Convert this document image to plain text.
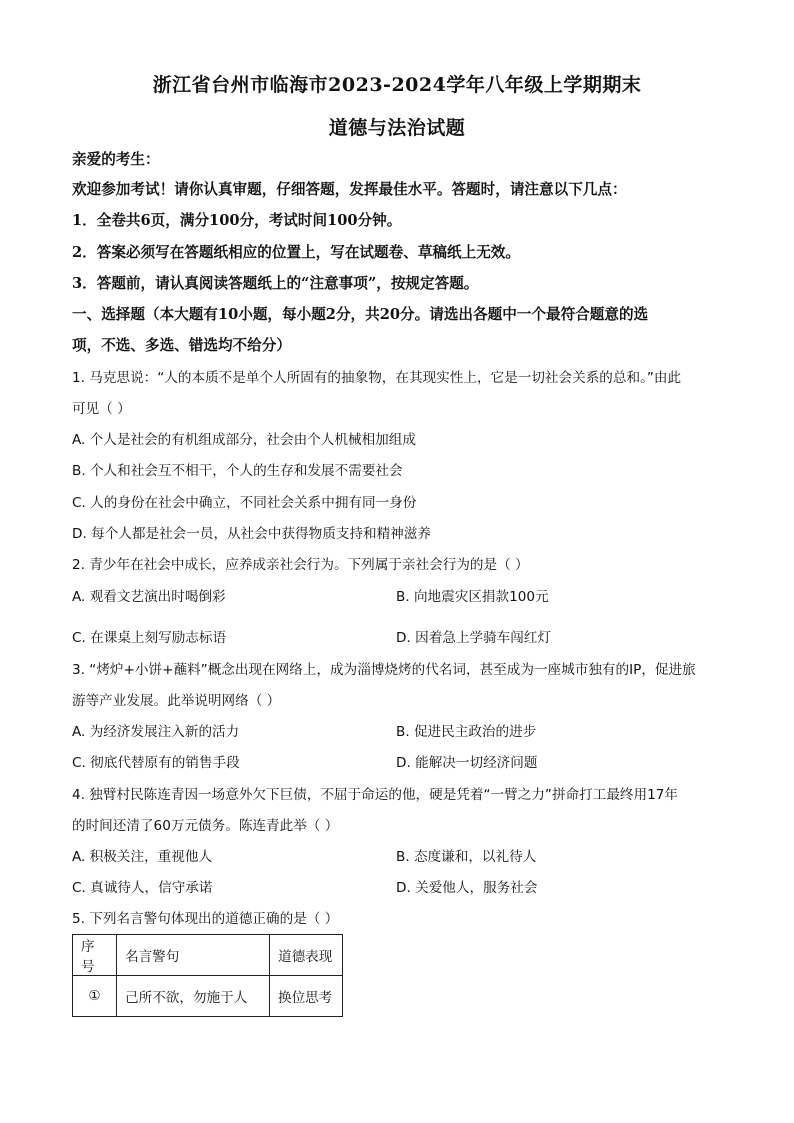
浙江省台州市临海市2023-2024学年八年级上学期期末
道德与法治试题
亲爱的考生：
欢迎参加考试！请你认真审题，仔细答题，发挥最佳水平。答题时，请注意以下几点：
1．全卷共6页，满分100分，考试时间100分钟。
2．答案必须写在答题纸相应的位置上，写在试题卷、草稿纸上无效。
3．答题前，请认真阅读答题纸上的“注意事项”，按规定答题。
一、选择题（本大题有10小题，每小题2分，共20分。请选出各题中一个最符合题意的选
项，不选、多选、错选均不给分）
1. 马克思说：“人的本质不是单个人所固有的抽象物，在其现实性上，它是一切社会关系的总和。”由此
可见（ ）
A. 个人是社会的有机组成部分，社会由个人机械相加组成
B. 个人和社会互不相干，个人的生存和发展不需要社会
C. 人的身份在社会中确立，不同社会关系中拥有同一身份
D. 每个人都是社会一员，从社会中获得物质支持和精神滋养
2. 青少年在社会中成长，应养成亲社会行为。下列属于亲社会行为的是（ ）
A. 观看文艺演出时喝倒彩	B. 向地震灾区捐款100元
C. 在课桌上刻写励志标语	D. 因着急上学骑车闯红灯
3. “烤炉+小饼+蘸料”概念出现在网络上，成为淄博烧烤的代名词，甚至成为一座城市独有的IP，促进旅
游等产业发展。此举说明网络（ ）
A. 为经济发展注入新的活力	B. 促进民主政治的进步
C. 彻底代替原有的销售手段	D. 能解决一切经济问题
4. 独臂村民陈连青因一场意外欠下巨债，不屈于命运的他，硬是凭着“一臂之力”拼命打工最终用17年
的时间还清了60万元债务。陈连青此举（ ）
A. 积极关注，重视他人	B. 态度谦和，以礼待人
C. 真诚待人，信守承诺	D. 关爱他人，服务社会
5. 下列名言警句体现出的道德正确的是（ ）
序号	名言警句	道德表现
①	己所不欲，勿施于人	换位思考
